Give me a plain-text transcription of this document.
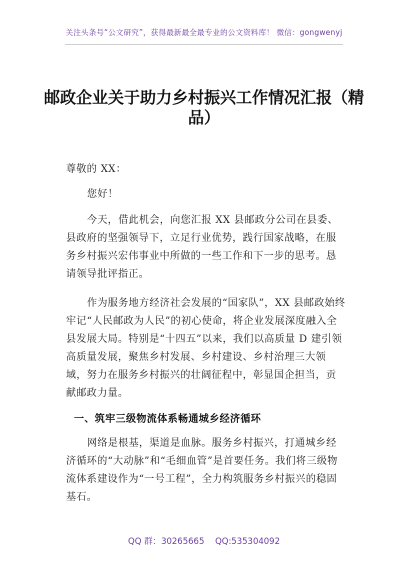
关注头条号“公文研究”，获得最新最全最专业的公文资料库！ 微信：gongwenyj
邮政企业关于助力乡村振兴工作情况汇报（精品）
尊敬的 XX：
您好！
今天，借此机会，向您汇报 XX 县邮政分公司在县委、县政府的坚强领导下，立足行业优势，践行国家战略，在服务乡村振兴宏伟事业中所做的一些工作和下一步的思考。恳请领导批评指正。
作为服务地方经济社会发展的“国家队”，XX 县邮政始终牢记“人民邮政为人民”的初心使命，将企业发展深度融入全县发展大局。特别是“十四五”以来，我们以高质量 D 建引领高质量发展，聚焦乡村发展、乡村建设、乡村治理三大领域，努力在服务乡村振兴的壮阔征程中，彰显国企担当，贡献邮政力量。
一、筑牢三级物流体系畅通城乡经济循环
网络是根基，渠道是血脉。服务乡村振兴，打通城乡经济循环的“大动脉”和“毛细血管”是首要任务。我们将三级物流体系建设作为“一号工程”，全力构筑服务乡村振兴的稳固基石。
QQ 群：30265665 QQ:535304092
